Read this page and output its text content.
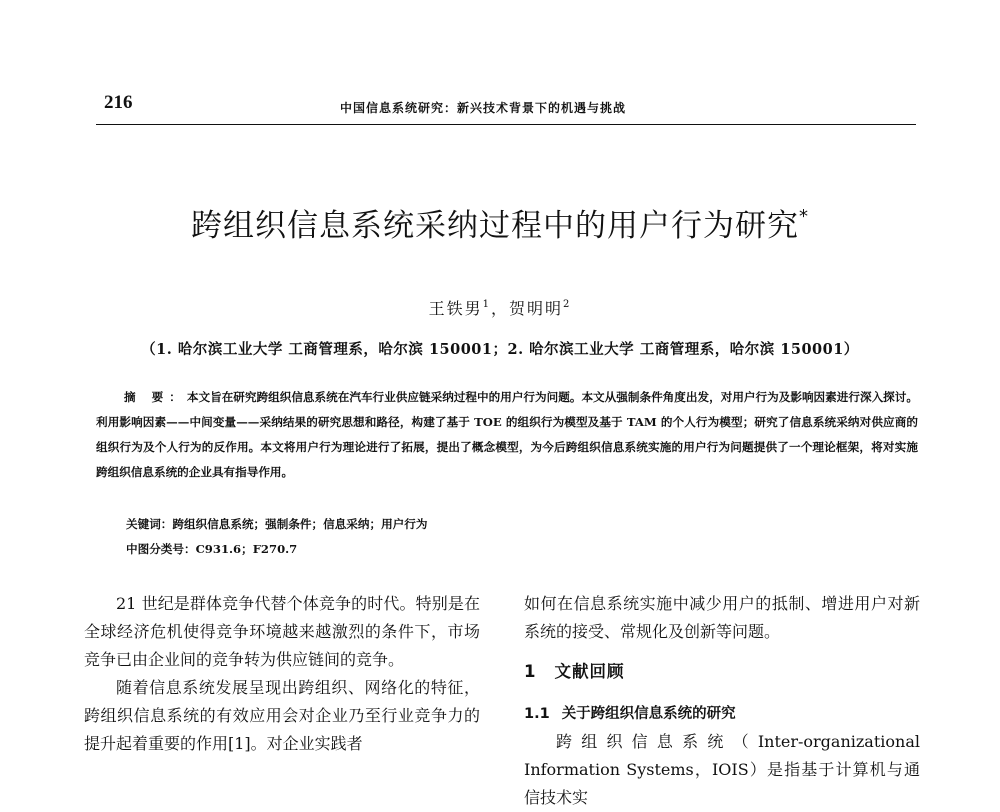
216	中国信息系统研究：新兴技术背景下的机遇与挑战
跨组织信息系统采纳过程中的用户行为研究*
王铁男$^1$，贺明明$^2$
（1. 哈尔滨工业大学 工商管理系，哈尔滨 150001；2. 哈尔滨工业大学 工商管理系，哈尔滨 150001）
摘 要：本文旨在研究跨组织信息系统在汽车行业供应链采纳过程中的用户行为问题。本文从强制条件角度出发，对用户行为及影响因素进行深入探讨。利用影响因素——中间变量——采纳结果的研究思想和路径，构建了基于 TOE 的组织行为模型及基于 TAM 的个人行为模型；研究了信息系统采纳对供应商的组织行为及个人行为的反作用。本文将用户行为理论进行了拓展，提出了概念模型，为今后跨组织信息系统实施的用户行为问题提供了一个理论框架，将对实施跨组织信息系统的企业具有指导作用。
关键词：跨组织信息系统；强制条件；信息采纳；用户行为
中图分类号：C931.6；F270.7

21 世纪是群体竞争代替个体竞争的时代。特别是在全球经济危机使得竞争环境越来越激烈的条件下，市场竞争已由企业间的竞争转为供应链间的竞争。

随着信息系统发展呈现出跨组织、网络化的特征，跨组织信息系统的有效应用会对企业乃至行业竞争力的提升起着重要的作用[1]。对企业实践者

如何在信息系统实施中减少用户的抵制、增进用户对新系统的接受、常规化及创新等问题。

1 文献回顾
1.1 关于跨组织信息系统的研究

跨组织信息系统（Inter-organizational Information Systems，IOIS）是指基于计算机与通信技术实
